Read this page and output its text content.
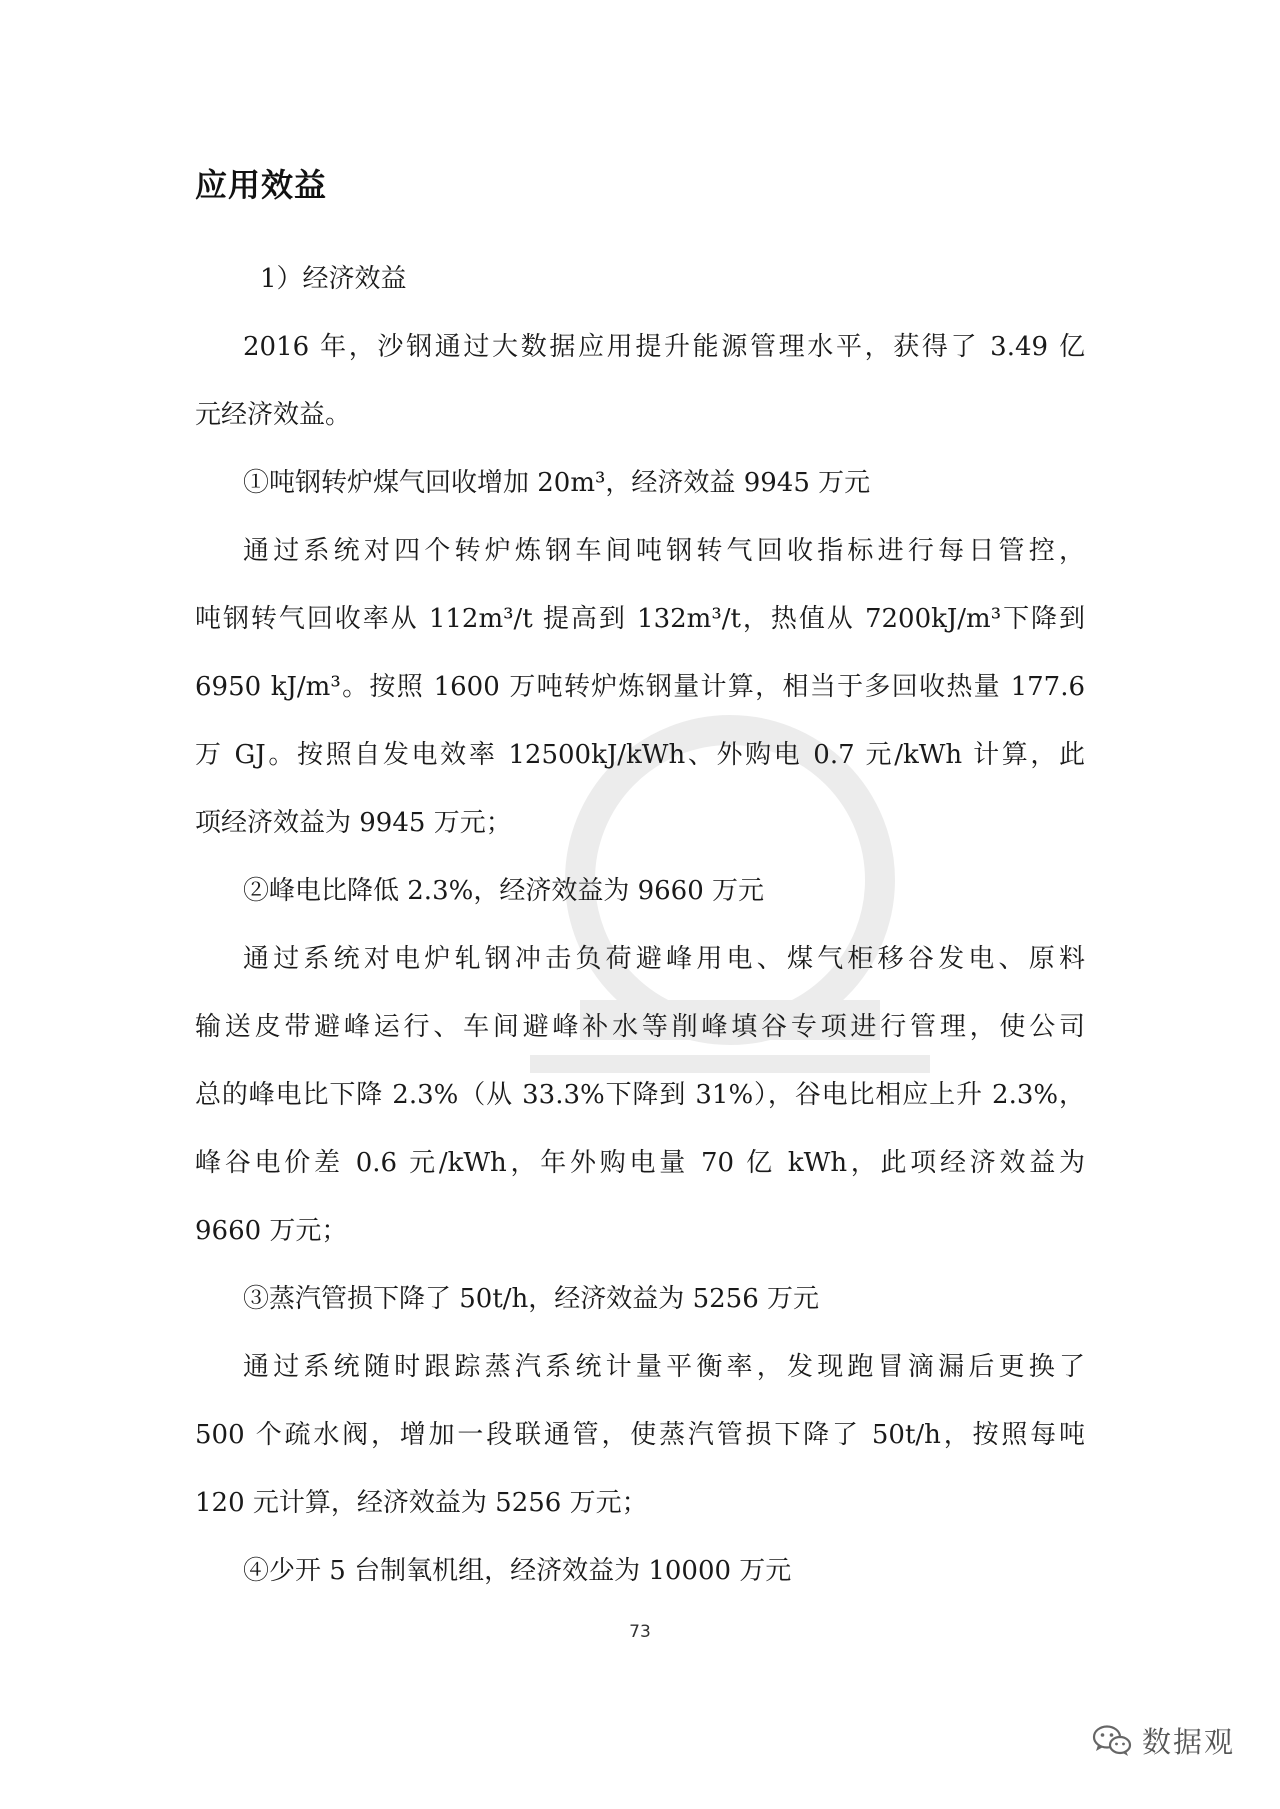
应用效益
1）经济效益
2016 年，沙钢通过大数据应用提升能源管理水平，获得了 3.49 亿
元经济效益。
①吨钢转炉煤气回收增加 20m³，经济效益 9945 万元
通过系统对四个转炉炼钢车间吨钢转气回收指标进行每日管控，
吨钢转气回收率从 112m³/t 提高到 132m³/t，热值从 7200kJ/m³下降到
6950 kJ/m³。按照 1600 万吨转炉炼钢量计算，相当于多回收热量 177.6
万 GJ。按照自发电效率 12500kJ/kWh、外购电 0.7 元/kWh 计算，此
项经济效益为 9945 万元；
②峰电比降低 2.3%，经济效益为 9660 万元
通过系统对电炉轧钢冲击负荷避峰用电、煤气柜移谷发电、原料
输送皮带避峰运行、车间避峰补水等削峰填谷专项进行管理，使公司
总的峰电比下降 2.3%（从 33.3%下降到 31%），谷电比相应上升 2.3%，
峰谷电价差 0.6 元/kWh，年外购电量 70 亿 kWh，此项经济效益为
9660 万元；
③蒸汽管损下降了 50t/h，经济效益为 5256 万元
通过系统随时跟踪蒸汽系统计量平衡率，发现跑冒滴漏后更换了
500 个疏水阀，增加一段联通管，使蒸汽管损下降了 50t/h，按照每吨
120 元计算，经济效益为 5256 万元；
④少开 5 台制氧机组，经济效益为 10000 万元
73
数据观
